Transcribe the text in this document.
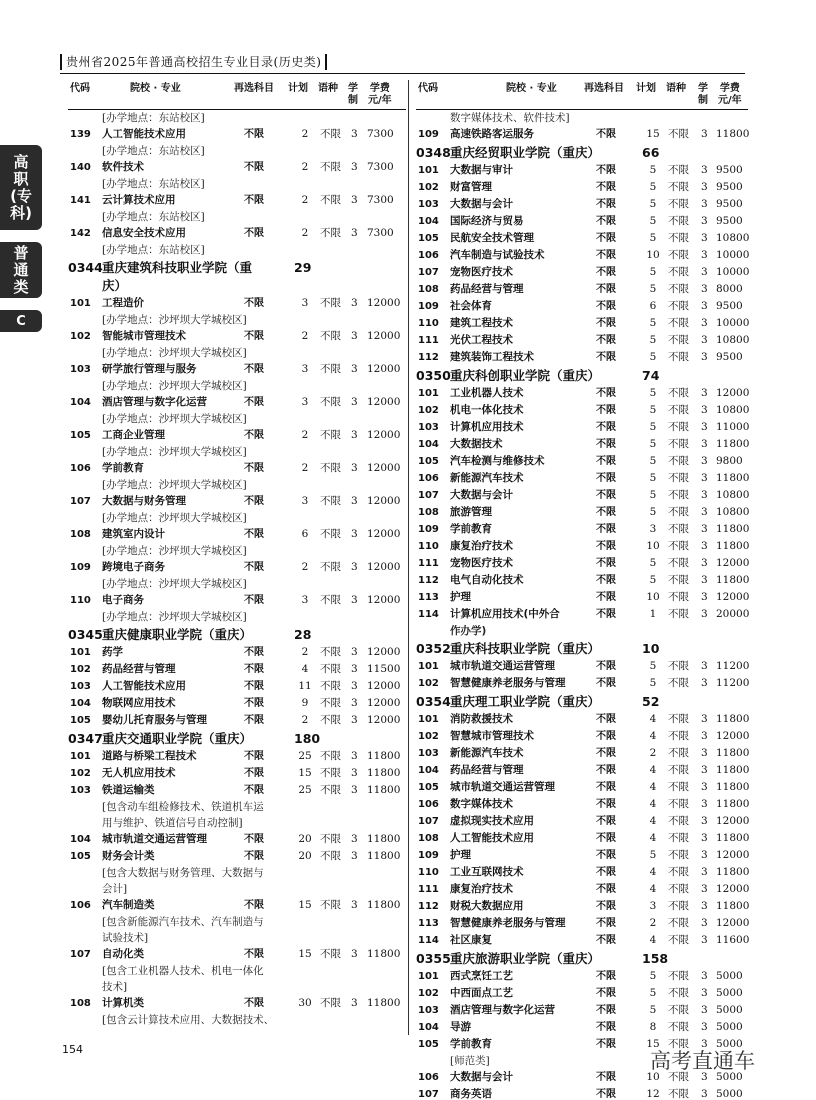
贵州省2025年普通高校招生专业目录(历史类)
高
职
(专
科)
普
通
类
C
代码	院校 · 专业	再选科目 计划 语种 学
制
学费
元/年
[办学地点：东站校区]
139 人工智能技术应用	不限	2	不限 3 7300
[办学地点：东站校区]
140 软件技术	不限	2	不限 3 7300
[办学地点：东站校区]
141 云计算技术应用	不限	2	不限 3 7300
[办学地点：东站校区]
142 信息安全技术应用	不限	2	不限 3 7300
[办学地点：东站校区]
0344 重庆建筑科技职业学院（重	29
庆）
101 工程造价	不限	3	不限 3 12000
[办学地点：沙坪坝大学城校区]
102 智能城市管理技术	不限	2	不限 3 12000
[办学地点：沙坪坝大学城校区]
103 研学旅行管理与服务	不限	3	不限 3 12000
[办学地点：沙坪坝大学城校区]
104 酒店管理与数字化运营	不限	3	不限 3 12000
[办学地点：沙坪坝大学城校区]
105 工商企业管理	不限	2	不限 3 12000
[办学地点：沙坪坝大学城校区]
106 学前教育	不限	2	不限 3 12000
[办学地点：沙坪坝大学城校区]
107 大数据与财务管理	不限	3	不限 3 12000
[办学地点：沙坪坝大学城校区]
108 建筑室内设计	不限	6	不限 3 12000
[办学地点：沙坪坝大学城校区]
109 跨境电子商务	不限	2	不限 3 12000
[办学地点：沙坪坝大学城校区]
110 电子商务	不限	3	不限 3 12000
[办学地点：沙坪坝大学城校区]
0345 重庆健康职业学院（重庆）	28
101 药学	不限	2	不限 3 12000
102 药品经营与管理	不限	4	不限 3 11500
103 人工智能技术应用	不限	11 不限 3 12000
104 物联网应用技术	不限	9	不限 3 12000
105 婴幼儿托育服务与管理	不限	2	不限 3 12000
0347 重庆交通职业学院（重庆）	180
101 道路与桥梁工程技术	不限	25 不限 3 11800
102 无人机应用技术	不限	15 不限 3 11800
103 铁道运输类	不限	25 不限 3 11800
[包含动车组检修技术、铁道机车运
用与维护、铁道信号自动控制]
104 城市轨道交通运营管理	不限	20 不限 3 11800
105 财务会计类	不限	20 不限 3 11800
[包含大数据与财务管理、大数据与
会计]
106 汽车制造类	不限	15 不限 3 11800
[包含新能源汽车技术、汽车制造与
试验技术]
107 自动化类	不限	15 不限 3 11800
[包含工业机器人技术、机电一体化
技术]
108 计算机类	不限	30 不限 3 11800
[包含云计算技术应用、大数据技术、
代码	院校 · 专业	再选科目 计划 语种 学
制
学费
元/年
数字媒体技术、软件技术]
109 高速铁路客运服务	不限	15 不限 3 11800
0348 重庆经贸职业学院（重庆）	66
101 大数据与审计	不限	5	不限 3 9500
102 财富管理	不限	5	不限 3 9500
103 大数据与会计	不限	5	不限 3 9500
104 国际经济与贸易	不限	5	不限 3 9500
105 民航安全技术管理	不限	5	不限 3 10800
106 汽车制造与试验技术	不限	10 不限 3 10000
107 宠物医疗技术	不限	5	不限 3 10000
108 药品经营与管理	不限	5	不限 3 8000
109 社会体育	不限	6	不限 3 9500
110 建筑工程技术	不限	5	不限 3 10000
111 光伏工程技术	不限	5	不限 3 10800
112 建筑装饰工程技术	不限	5	不限 3 9500
0350 重庆科创职业学院（重庆）	74
101 工业机器人技术	不限	5	不限 3 12000
102 机电一体化技术	不限	5	不限 3 10800
103 计算机应用技术	不限	5	不限 3 11000
104 大数据技术	不限	5	不限 3 11800
105 汽车检测与维修技术	不限	5	不限 3 9800
106 新能源汽车技术	不限	5	不限 3 11800
107 大数据与会计	不限	5	不限 3 10800
108 旅游管理	不限	5	不限 3 10800
109 学前教育	不限	3	不限 3 11800
110 康复治疗技术	不限	10 不限 3 11800
111 宠物医疗技术	不限	5	不限 3 12000
112 电气自动化技术	不限	5	不限 3 11800
113 护理	不限	10 不限 3 12000
114 计算机应用技术(中外合	不限	1	不限 3 20000
作办学)
0352 重庆科技职业学院（重庆）	10
101 城市轨道交通运营管理	不限	5	不限 3 11200
102 智慧健康养老服务与管理	不限	5	不限 3 11200
0354 重庆理工职业学院（重庆）	52
101 消防救援技术	不限	4	不限 3 11800
102 智慧城市管理技术	不限	4	不限 3 12000
103 新能源汽车技术	不限	2	不限 3 11800
104 药品经营与管理	不限	4	不限 3 11800
105 城市轨道交通运营管理	不限	4	不限 3 11800
106 数字媒体技术	不限	4	不限 3 11800
107 虚拟现实技术应用	不限	4	不限 3 12000
108 人工智能技术应用	不限	4	不限 3 11800
109 护理	不限	5	不限 3 12000
110 工业互联网技术	不限	4	不限 3 11800
111 康复治疗技术	不限	4	不限 3 12000
112 财税大数据应用	不限	3	不限 3 11800
113 智慧健康养老服务与管理	不限	2	不限 3 12000
114 社区康复	不限	4	不限 3 11600
0355 重庆旅游职业学院（重庆）	158
101 西式烹饪工艺	不限	5	不限 3 5000
102 中西面点工艺	不限	5	不限 3 5000
103 酒店管理与数字化运营	不限	5	不限 3 5000
104 导游	不限	8	不限 3 5000
105 学前教育	不限	15 不限 3 5000
[师范类]
106 大数据与会计	不限	10 不限 3 5000
107 商务英语	不限	12 不限 3 5000
154	高考直通车
